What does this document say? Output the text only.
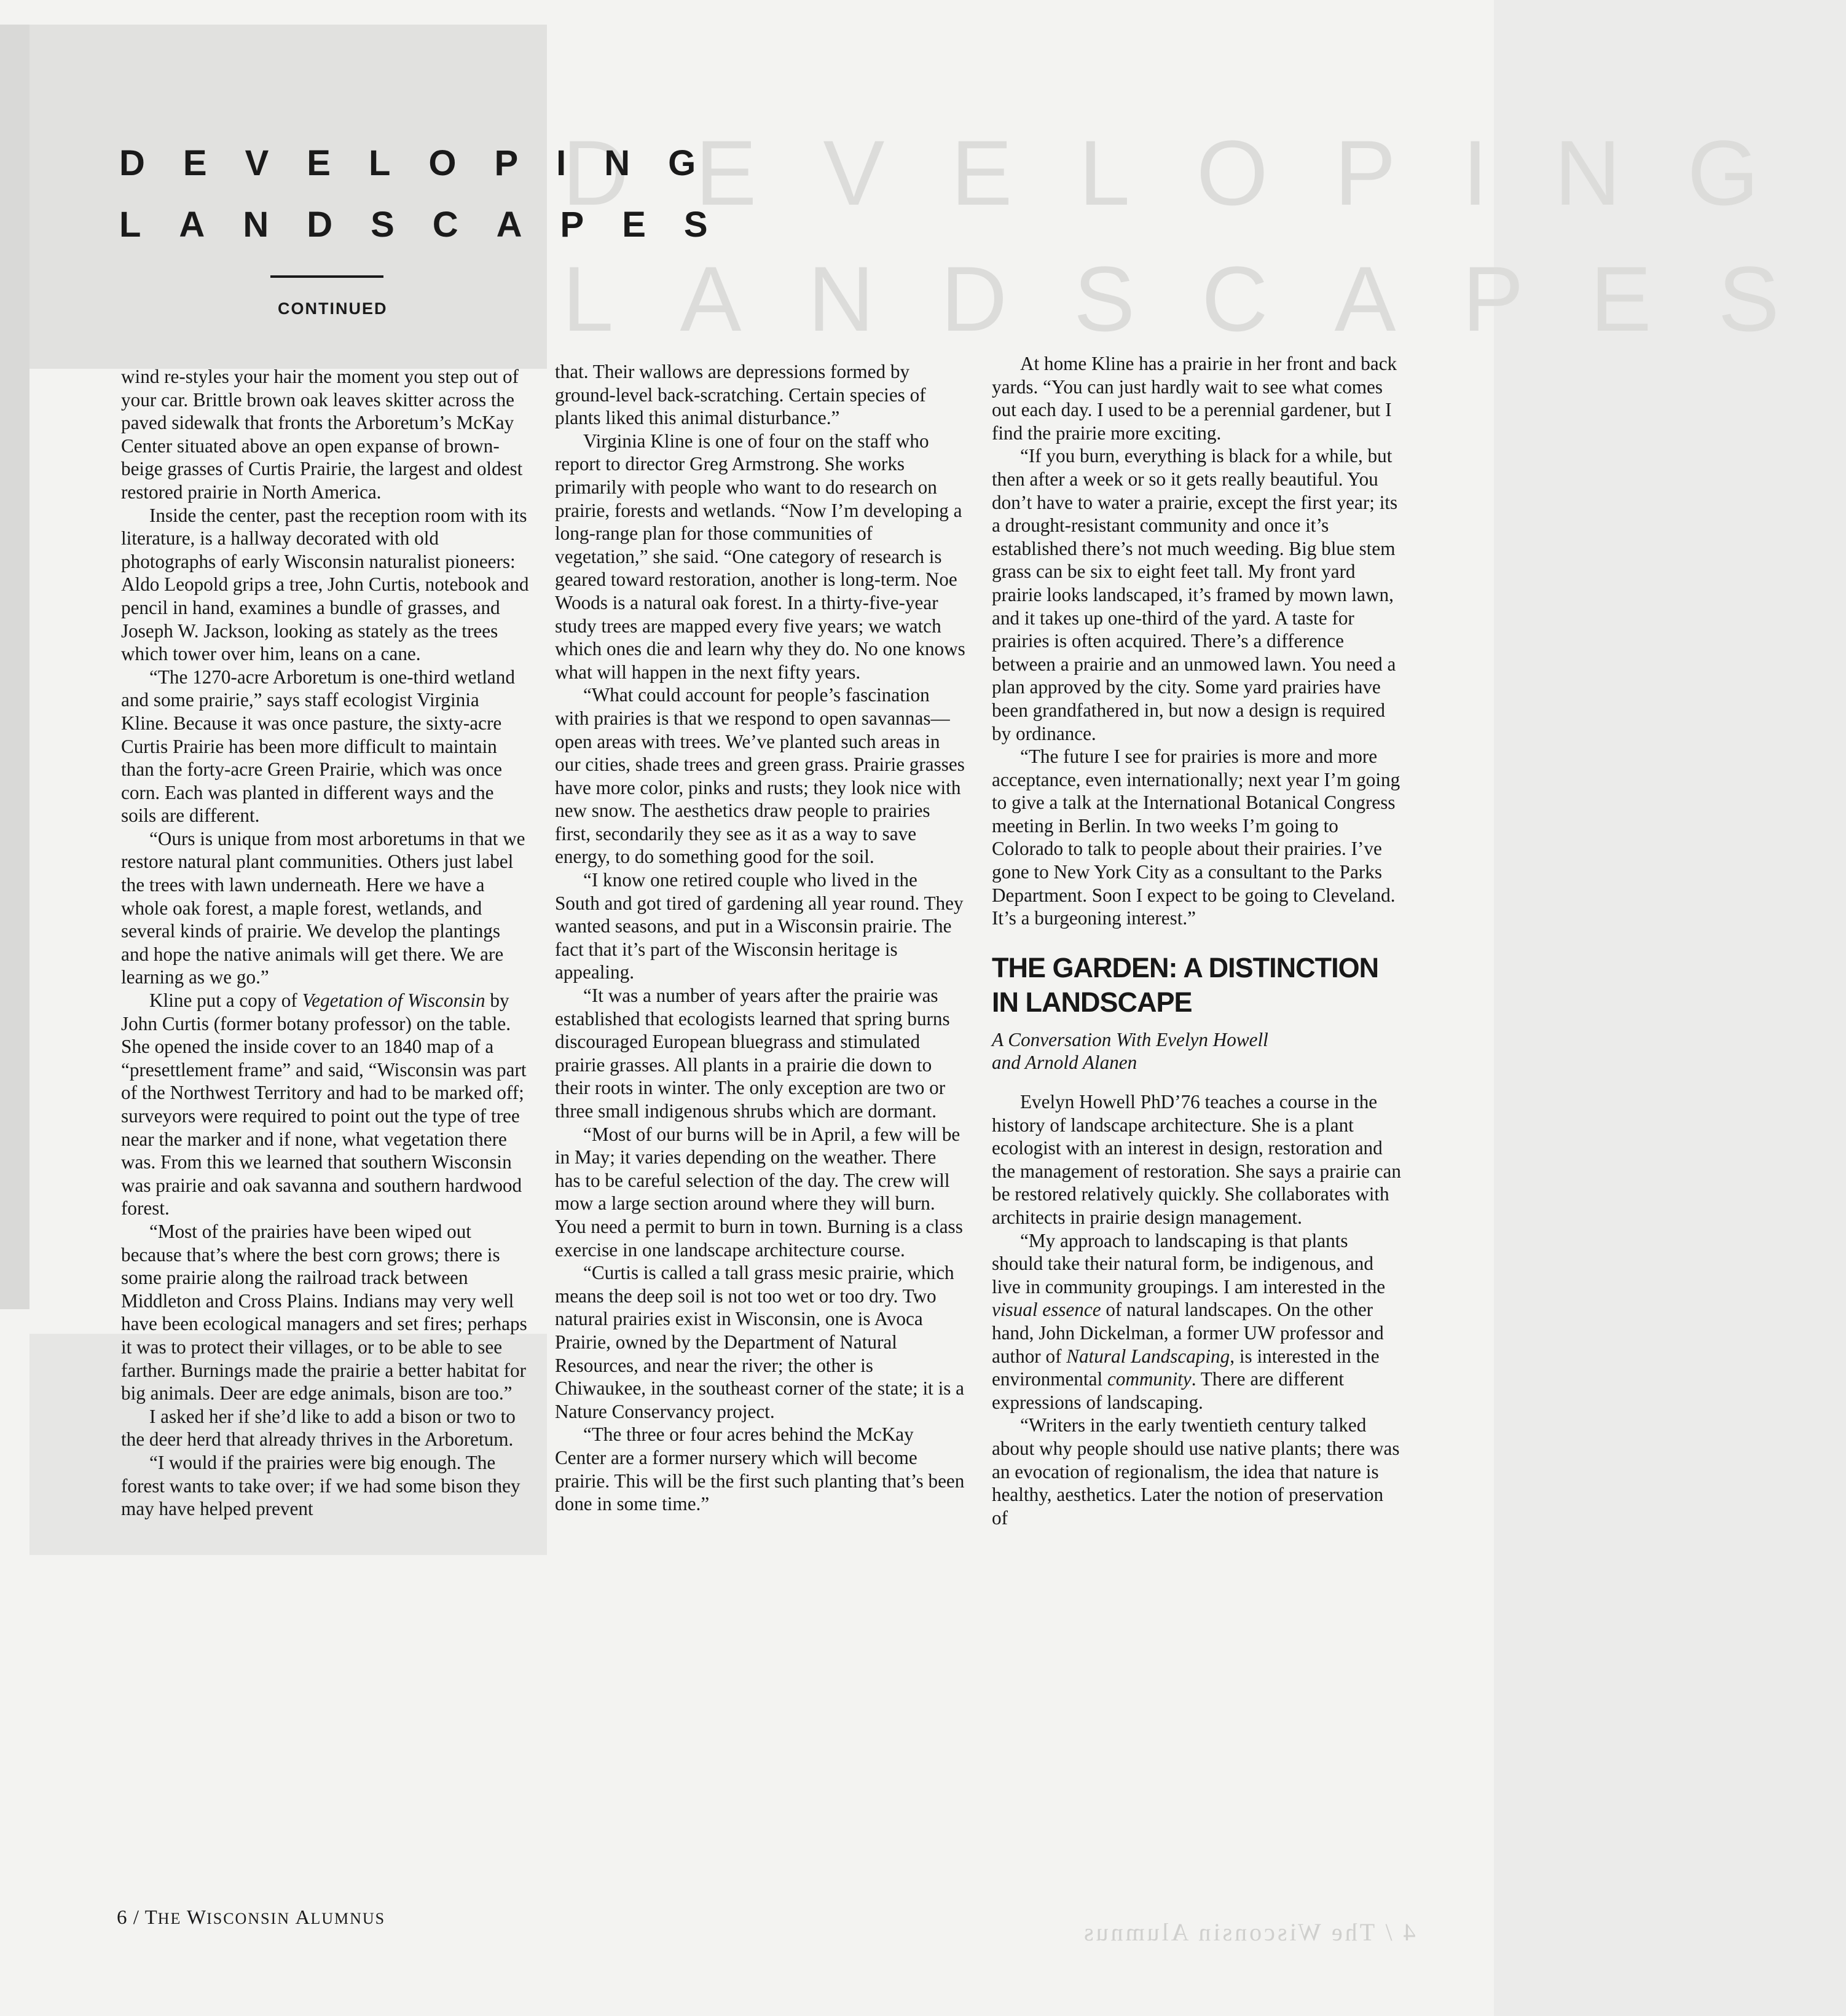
DEVELOPING
LANDSCAPES
4 / The Wisconsin Alumnus
DEVELOPING
LANDSCAPES
CONTINUED

wind re-styles your hair the moment you step out of your car. Brittle brown oak leaves skitter across the paved sidewalk that fronts the Arboretum’s McKay Center situated above an open expanse of brown-beige grasses of Curtis Prairie, the largest and oldest restored prairie in North America.

Inside the center, past the reception room with its literature, is a hallway decorated with old photographs of early Wisconsin naturalist pioneers: Aldo Leopold grips a tree, John Curtis, notebook and pencil in hand, examines a bundle of grasses, and Joseph W. Jackson, looking as stately as the trees which tower over him, leans on a cane.

“The 1270-acre Arboretum is one-third wetland and some prairie,” says staff ecologist Virginia Kline. Because it was once pasture, the sixty-acre Curtis Prairie has been more difficult to maintain than the forty-acre Green Prairie, which was once corn. Each was planted in different ways and the soils are different.

“Ours is unique from most arboretums in that we restore natural plant communities. Others just label the trees with lawn underneath. Here we have a whole oak forest, a maple forest, wetlands, and several kinds of prairie. We develop the plantings and hope the native animals will get there. We are learning as we go.”

Kline put a copy of Vegetation of Wisconsin by John Curtis (former botany professor) on the table. She opened the inside cover to an 1840 map of a “presettlement frame” and said, “Wisconsin was part of the Northwest Territory and had to be marked off; surveyors were required to point out the type of tree near the marker and if none, what vegetation there was. From this we learned that southern Wisconsin was prairie and oak savanna and southern hardwood forest.

“Most of the prairies have been wiped out because that’s where the best corn grows; there is some prairie along the railroad track between Middleton and Cross Plains. Indians may very well have been ecological managers and set fires; perhaps it was to protect their villages, or to be able to see farther. Burnings made the prairie a better habitat for big animals. Deer are edge animals, bison are too.”

I asked her if she’d like to add a bison or two to the deer herd that already thrives in the Arboretum.

“I would if the prairies were big enough. The forest wants to take over; if we had some bison they may have helped prevent

that. Their wallows are depressions formed by ground-level back-scratching. Certain species of plants liked this animal disturbance.”

Virginia Kline is one of four on the staff who report to director Greg Armstrong. She works primarily with people who want to do research on prairie, forests and wetlands. “Now I’m developing a long-range plan for those communities of vegetation,” she said. “One category of research is geared toward restoration, another is long-term. Noe Woods is a natural oak forest. In a thirty-five-year study trees are mapped every five years; we watch which ones die and learn why they do. No one knows what will happen in the next fifty years.

“What could account for people’s fascination with prairies is that we respond to open savannas—open areas with trees. We’ve planted such areas in our cities, shade trees and green grass. Prairie grasses have more color, pinks and rusts; they look nice with new snow. The aesthetics draw people to prairies first, secondarily they see as it as a way to save energy, to do something good for the soil.

“I know one retired couple who lived in the South and got tired of gardening all year round. They wanted seasons, and put in a Wisconsin prairie. The fact that it’s part of the Wisconsin heritage is appealing.

“It was a number of years after the prairie was established that ecologists learned that spring burns discouraged European bluegrass and stimulated prairie grasses. All plants in a prairie die down to their roots in winter. The only exception are two or three small indigenous shrubs which are dormant.

“Most of our burns will be in April, a few will be in May; it varies depending on the weather. There has to be careful selection of the day. The crew will mow a large section around where they will burn. You need a permit to burn in town. Burning is a class exercise in one landscape architecture course.

“Curtis is called a tall grass mesic prairie, which means the deep soil is not too wet or too dry. Two natural prairies exist in Wisconsin, one is Avoca Prairie, owned by the Department of Natural Resources, and near the river; the other is Chiwaukee, in the southeast corner of the state; it is a Nature Conservancy project.

“The three or four acres behind the McKay Center are a former nursery which will become prairie. This will be the first such planting that’s been done in some time.”

At home Kline has a prairie in her front and back yards. “You can just hardly wait to see what comes out each day. I used to be a perennial gardener, but I find the prairie more exciting.

“If you burn, everything is black for a while, but then after a week or so it gets really beautiful. You don’t have to water a prairie, except the first year; its a drought-resistant community and once it’s established there’s not much weeding. Big blue stem grass can be six to eight feet tall. My front yard prairie looks landscaped, it’s framed by mown lawn, and it takes up one-third of the yard. A taste for prairies is often acquired. There’s a difference between a prairie and an unmowed lawn. You need a plan approved by the city. Some yard prairies have been grandfathered in, but now a design is required by ordinance.

“The future I see for prairies is more and more acceptance, even internationally; next year I’m going to give a talk at the International Botanical Congress meeting in Berlin. In two weeks I’m going to Colorado to talk to people about their prairies. I’ve gone to New York City as a consultant to the Parks Department. Soon I expect to be going to Cleveland. It’s a burgeoning interest.”

THE GARDEN: A DISTINCTION
IN LANDSCAPE
A Conversation With Evelyn Howell
and Arnold Alanen

Evelyn Howell PhD’76 teaches a course in the history of landscape architecture. She is a plant ecologist with an interest in design, restoration and the management of restoration. She says a prairie can be restored relatively quickly. She collaborates with architects in prairie design management.

“My approach to landscaping is that plants should take their natural form, be indigenous, and live in community groupings. I am interested in the visual essence of natural landscapes. On the other hand, John Dickelman, a former UW professor and author of Natural Landscaping, is interested in the environmental community. There are different expressions of landscaping.

“Writers in the early twentieth century talked about why people should use native plants; there was an evocation of regionalism, the idea that nature is healthy, aesthetics. Later the notion of preservation of

6 / THE WISCONSIN ALUMNUS
